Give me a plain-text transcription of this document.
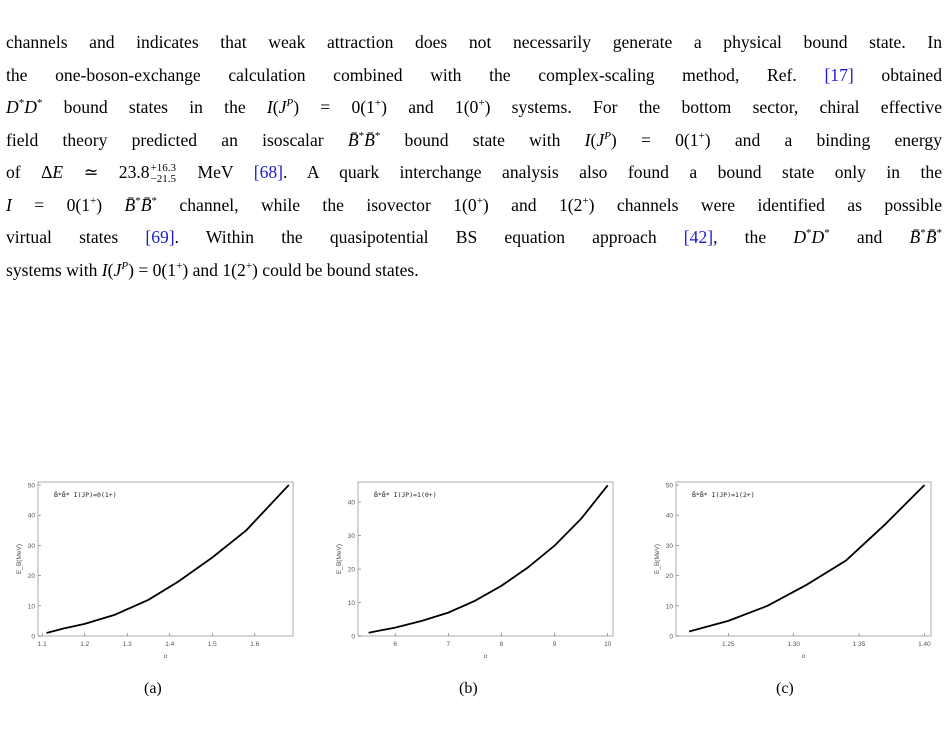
channels and indicates that weak attraction does not necessarily generate a physical bound state. In
the one-boson-exchange calculation combined with the complex-scaling method, Ref. [17] obtained
D*D* bound states in the $I(J^P) = 0(1^+)$ and 1(0+) systems. For the bottom sector, chiral effective
field theory predicted an isoscalar B̄*B̄* bound state with $I(J^P) = 0(1^+)$ and a binding energy
of ΔE ≃ 23.8 +16.3
−21.5 MeV [68]. A quark interchange analysis also found a bound state only in the
I = 0(1+) B̄*B̄* channel, while the isovector 1(0+) and 1(2+) channels were identified as possible
virtual states [69]. Within the quasipotential BS equation approach [42], the D*D* and B̄*B̄*
systems with $I(J^P) = 0(1^+)$ and 1(2+) could be bound states.
1.1	1.2	1.3	1.4	1.5	1.6
0
10
20
30
40
50
α
E_B(MeV)
B̄*B̄* I(JP)=0(1+)
6	7	8	9	10
0
10
20
30
40
α
E_B(MeV)
B̄*B̄* I(JP)=1(0+)
1.25	1.30	1.35	1.40
0
10
20
30
40
50
α
E_B(MeV)
B̄*B̄* I(JP)=1(2+)
(a)	(b)	(c)
